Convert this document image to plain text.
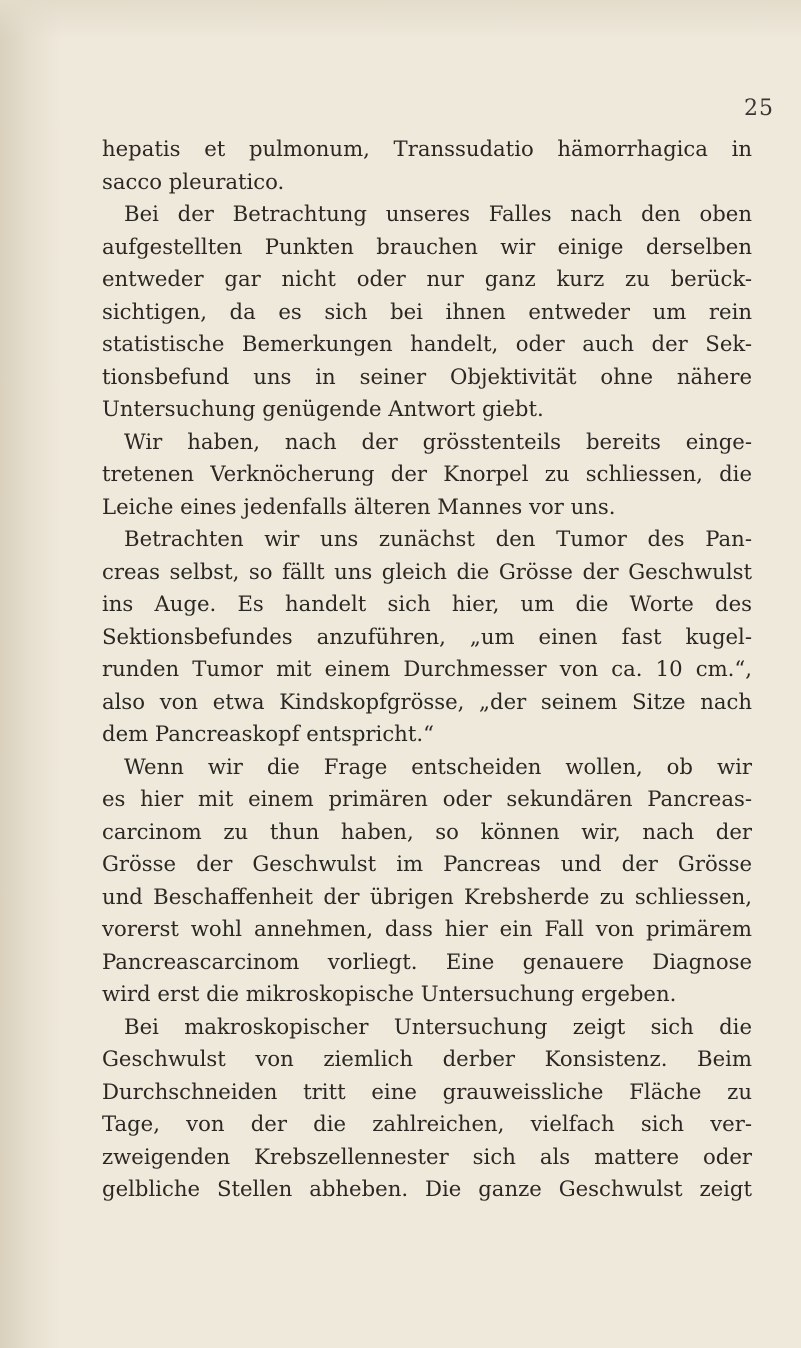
25
hepatis et pulmonum, Transsudatio hämorrhagica in
sacco pleuratico.
Bei der Betrachtung unseres Falles nach den oben
aufgestellten Punkten brauchen wir einige derselben
entweder gar nicht oder nur ganz kurz zu berück-
sichtigen, da es sich bei ihnen entweder um rein
statistische Bemerkungen handelt, oder auch der Sek-
tionsbefund uns in seiner Objektivität ohne nähere
Untersuchung genügende Antwort giebt.
Wir haben, nach der grösstenteils bereits einge-
tretenen Verknöcherung der Knorpel zu schliessen, die
Leiche eines jedenfalls älteren Mannes vor uns.
Betrachten wir uns zunächst den Tumor des Pan-
creas selbst, so fällt uns gleich die Grösse der Geschwulst
ins Auge. Es handelt sich hier, um die Worte des
Sektionsbefundes anzuführen, „um einen fast kugel-
runden Tumor mit einem Durchmesser von ca. 10 cm.“,
also von etwa Kindskopfgrösse, „der seinem Sitze nach
dem Pancreaskopf entspricht.“
Wenn wir die Frage entscheiden wollen, ob wir
es hier mit einem primären oder sekundären Pancreas-
carcinom zu thun haben, so können wir, nach der
Grösse der Geschwulst im Pancreas und der Grösse
und Beschaffenheit der übrigen Krebsherde zu schliessen,
vorerst wohl annehmen, dass hier ein Fall von primärem
Pancreascarcinom vorliegt. Eine genauere Diagnose
wird erst die mikroskopische Untersuchung ergeben.
Bei makroskopischer Untersuchung zeigt sich die
Geschwulst von ziemlich derber Konsistenz. Beim
Durchschneiden tritt eine grauweissliche Fläche zu
Tage, von der die zahlreichen, vielfach sich ver-
zweigenden Krebszellennester sich als mattere oder
gelbliche Stellen abheben. Die ganze Geschwulst zeigt
